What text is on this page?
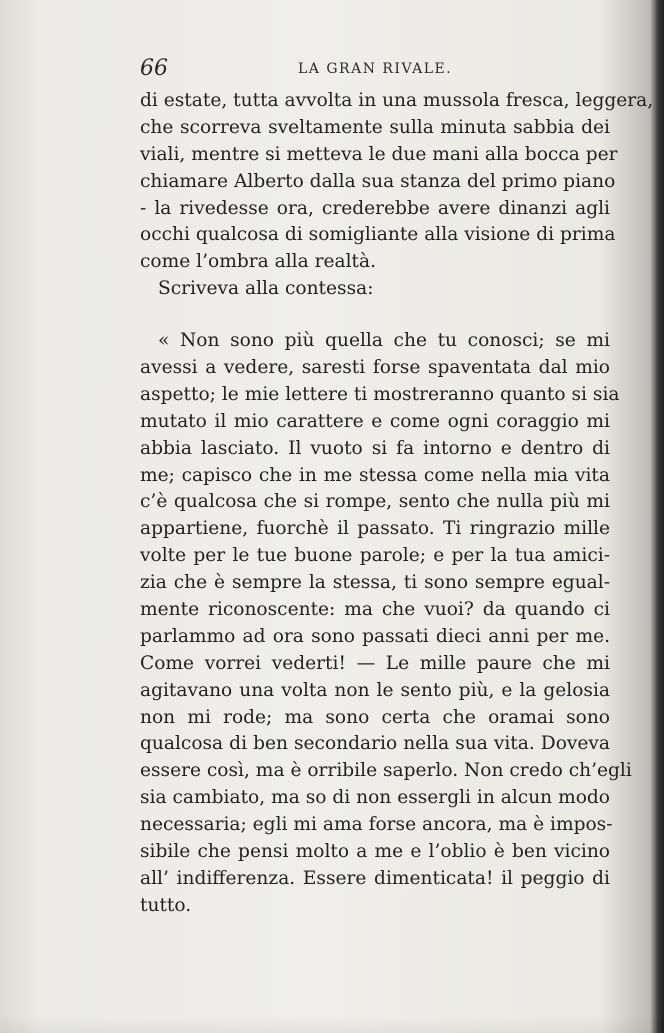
66	LA GRAN RIVALE.
di estate, tutta avvolta in una mussola fresca, leggera,
che scorreva sveltamente sulla minuta sabbia dei
viali, mentre si metteva le due mani alla bocca per
chiamare Alberto dalla sua stanza del primo piano
- la rivedesse ora, crederebbe avere dinanzi agli
occhi qualcosa di somigliante alla visione di prima
come l’ombra alla realtà.
Scriveva alla contessa:
« Non sono più quella che tu conosci; se mi
avessi a vedere, saresti forse spaventata dal mio
aspetto; le mie lettere ti mostreranno quanto si sia
mutato il mio carattere e come ogni coraggio mi
abbia lasciato. Il vuoto si fa intorno e dentro di
me; capisco che in me stessa come nella mia vita
c’è qualcosa che si rompe, sento che nulla più mi
appartiene, fuorchè il passato. Ti ringrazio mille
volte per le tue buone parole; e per la tua amici-
zia che è sempre la stessa, ti sono sempre egual-
mente riconoscente: ma che vuoi? da quando ci
parlammo ad ora sono passati dieci anni per me.
Come vorrei vederti! — Le mille paure che mi
agitavano una volta non le sento più, e la gelosia
non mi rode; ma sono certa che oramai sono
qualcosa di ben secondario nella sua vita. Doveva
essere così, ma è orribile saperlo. Non credo ch’egli
sia cambiato, ma so di non essergli in alcun modo
necessaria; egli mi ama forse ancora, ma è impos-
sibile che pensi molto a me e l’oblio è ben vicino
all’ indifferenza. Essere dimenticata! il peggio di
tutto.
